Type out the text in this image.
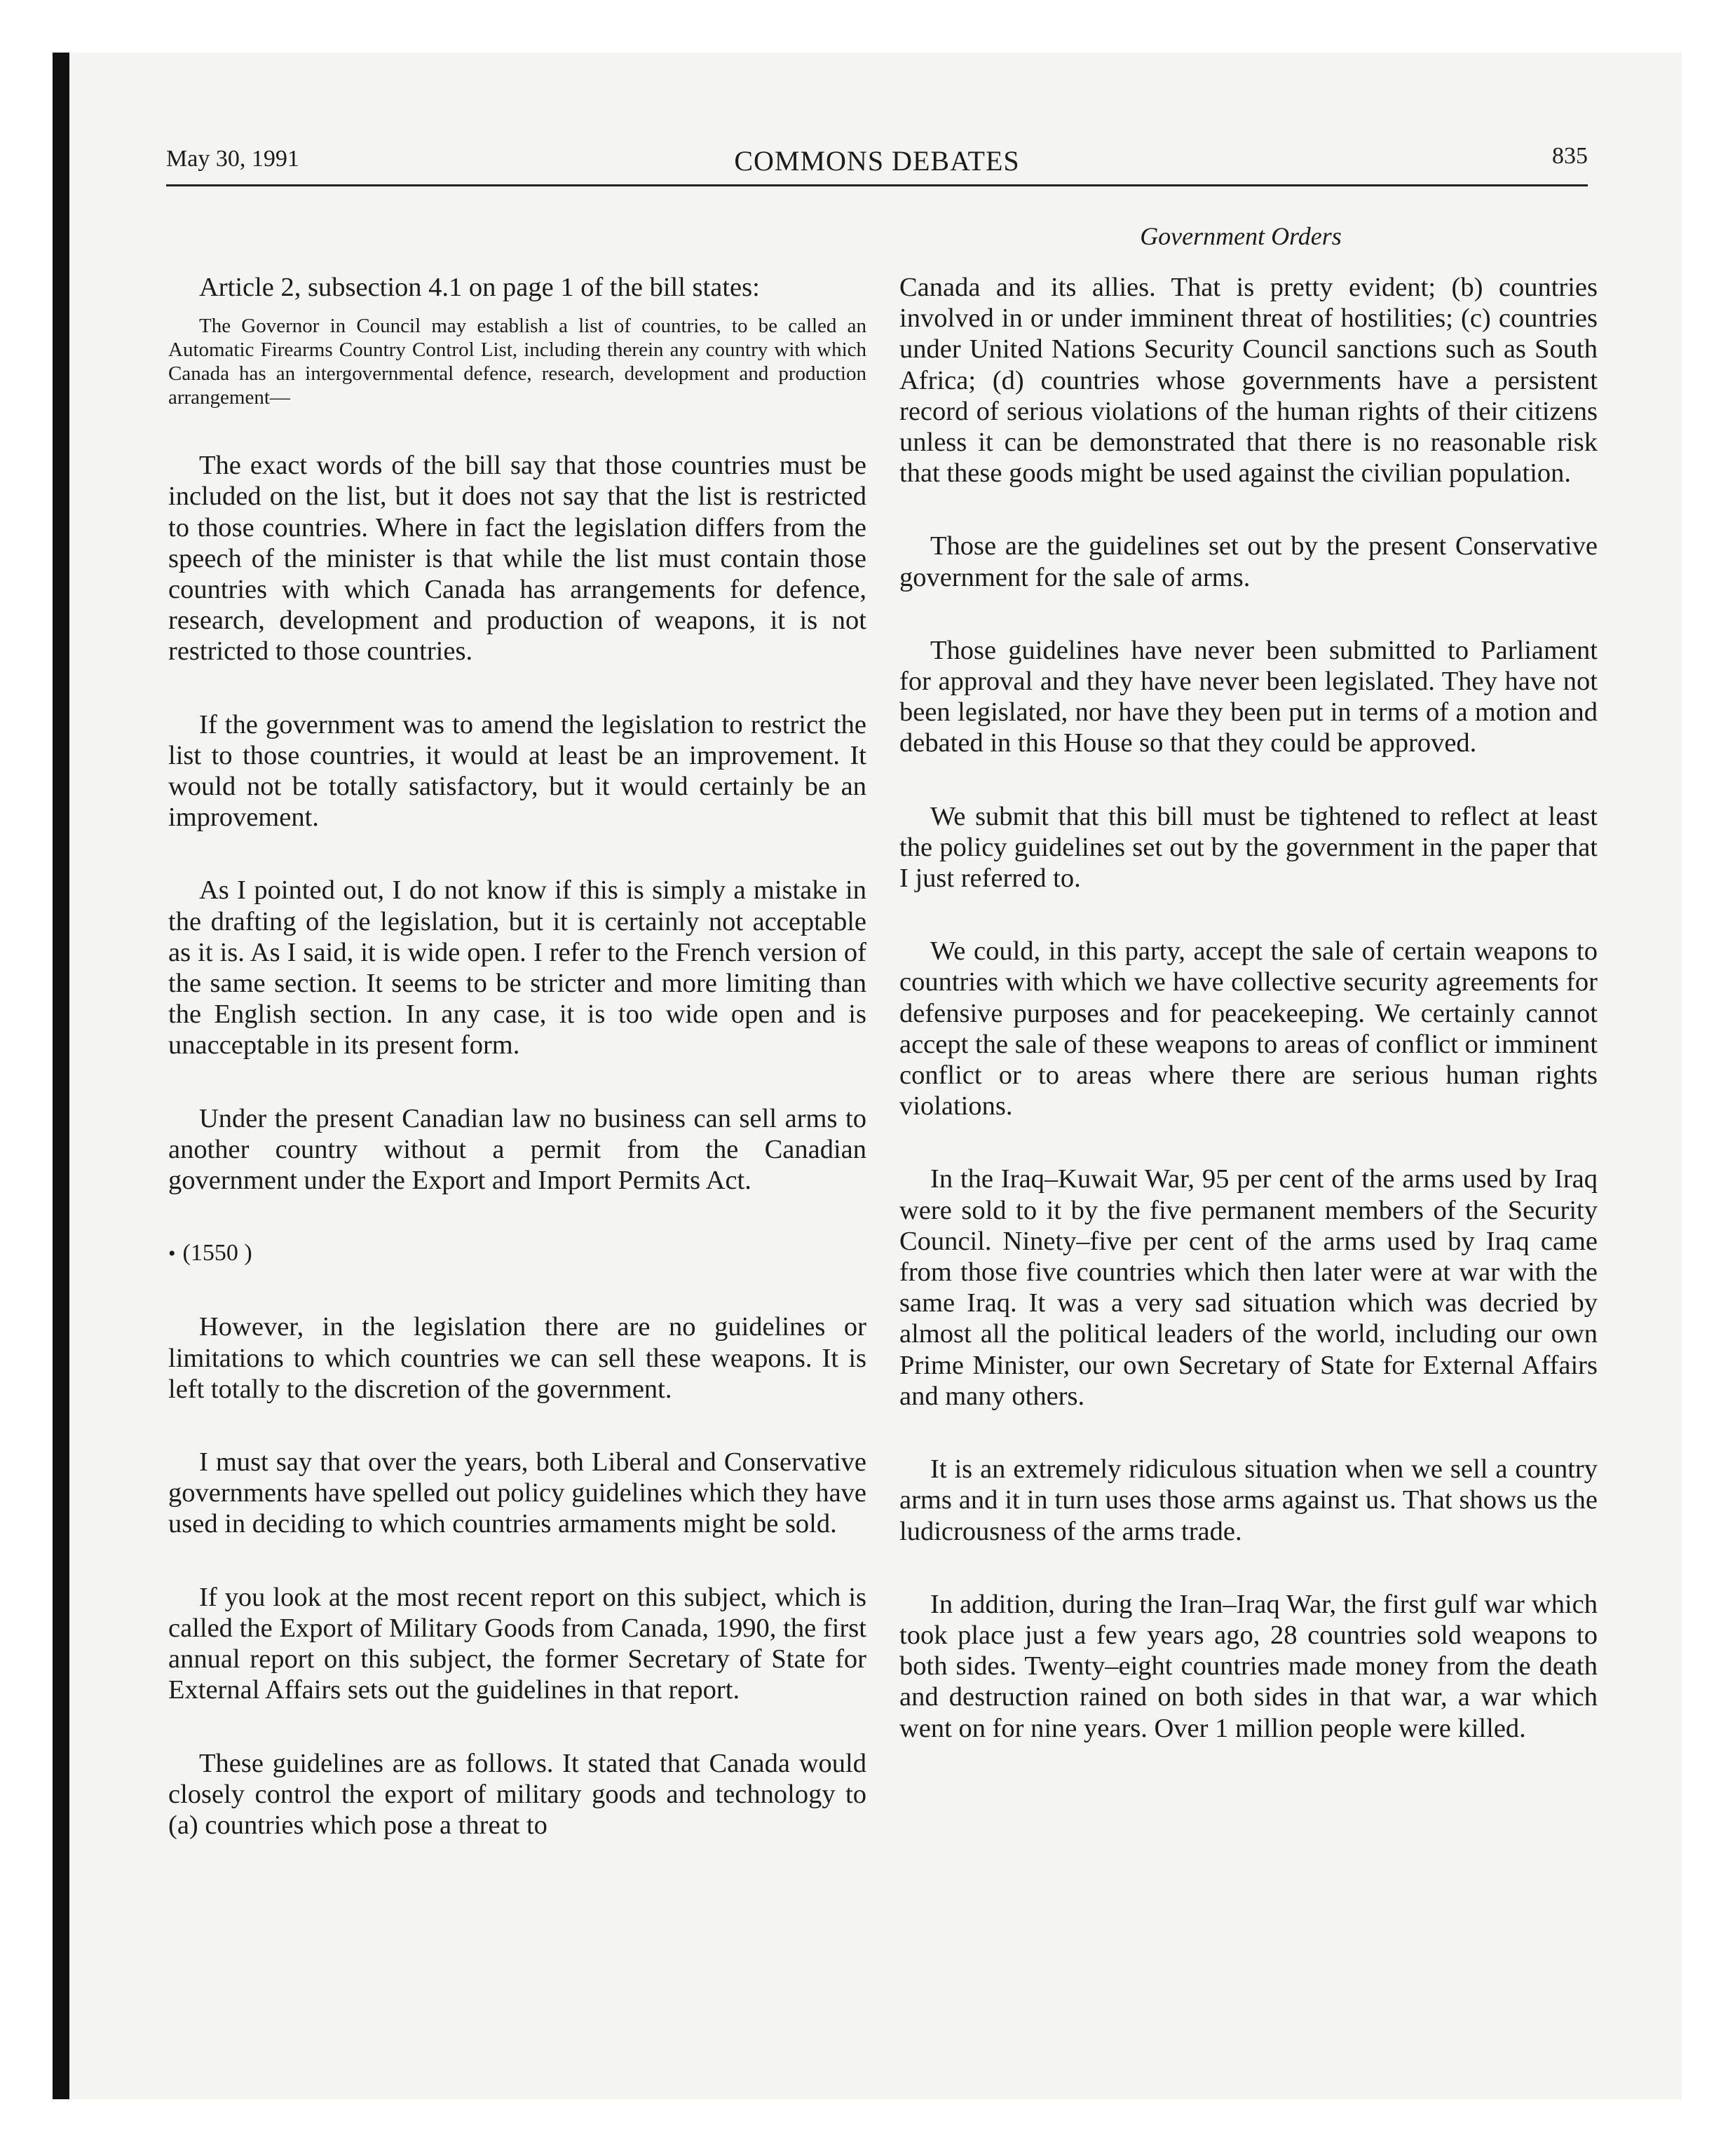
May 30, 1991	COMMONS DEBATES	835
Government Orders

Article 2, subsection 4.1 on page 1 of the bill states:

The Governor in Council may establish a list of countries, to be called an Automatic Firearms Country Control List, including therein any country with which Canada has an intergovernmental defence, research, development and production arrangement—

The exact words of the bill say that those countries must be included on the list, but it does not say that the list is restricted to those countries. Where in fact the legislation differs from the speech of the minister is that while the list must contain those countries with which Canada has arrangements for defence, research, development and production of weapons, it is not restricted to those countries.

If the government was to amend the legislation to restrict the list to those countries, it would at least be an improvement. It would not be totally satisfactory, but it would certainly be an improvement.

As I pointed out, I do not know if this is simply a mistake in the drafting of the legislation, but it is certainly not acceptable as it is. As I said, it is wide open. I refer to the French version of the same section. It seems to be stricter and more limiting than the English section. In any case, it is too wide open and is unacceptable in its present form.

Under the present Canadian law no business can sell arms to another country without a permit from the Canadian government under the Export and Import Permits Act.

• (1550 )

However, in the legislation there are no guidelines or limitations to which countries we can sell these weapons. It is left totally to the discretion of the government.

I must say that over the years, both Liberal and Conservative governments have spelled out policy guidelines which they have used in deciding to which countries armaments might be sold.

If you look at the most recent report on this subject, which is called the Export of Military Goods from Canada, 1990, the first annual report on this subject, the former Secretary of State for External Affairs sets out the guidelines in that report.

These guidelines are as follows. It stated that Canada would closely control the export of military goods and technology to (a) countries which pose a threat to

Canada and its allies. That is pretty evident; (b) countries involved in or under imminent threat of hostilities; (c) countries under United Nations Security Council sanctions such as South Africa; (d) countries whose governments have a persistent record of serious violations of the human rights of their citizens unless it can be demonstrated that there is no reasonable risk that these goods might be used against the civilian population.

Those are the guidelines set out by the present Conservative government for the sale of arms.

Those guidelines have never been submitted to Parliament for approval and they have never been legislated. They have not been legislated, nor have they been put in terms of a motion and debated in this House so that they could be approved.

We submit that this bill must be tightened to reflect at least the policy guidelines set out by the government in the paper that I just referred to.

We could, in this party, accept the sale of certain weapons to countries with which we have collective security agreements for defensive purposes and for peacekeeping. We certainly cannot accept the sale of these weapons to areas of conflict or imminent conflict or to areas where there are serious human rights violations.

In the Iraq–Kuwait War, 95 per cent of the arms used by Iraq were sold to it by the five permanent members of the Security Council. Ninety–five per cent of the arms used by Iraq came from those five countries which then later were at war with the same Iraq. It was a very sad situation which was decried by almost all the political leaders of the world, including our own Prime Minister, our own Secretary of State for External Affairs and many others.

It is an extremely ridiculous situation when we sell a country arms and it in turn uses those arms against us. That shows us the ludicrousness of the arms trade.

In addition, during the Iran–Iraq War, the first gulf war which took place just a few years ago, 28 countries sold weapons to both sides. Twenty–eight countries made money from the death and destruction rained on both sides in that war, a war which went on for nine years. Over 1 million people were killed.
